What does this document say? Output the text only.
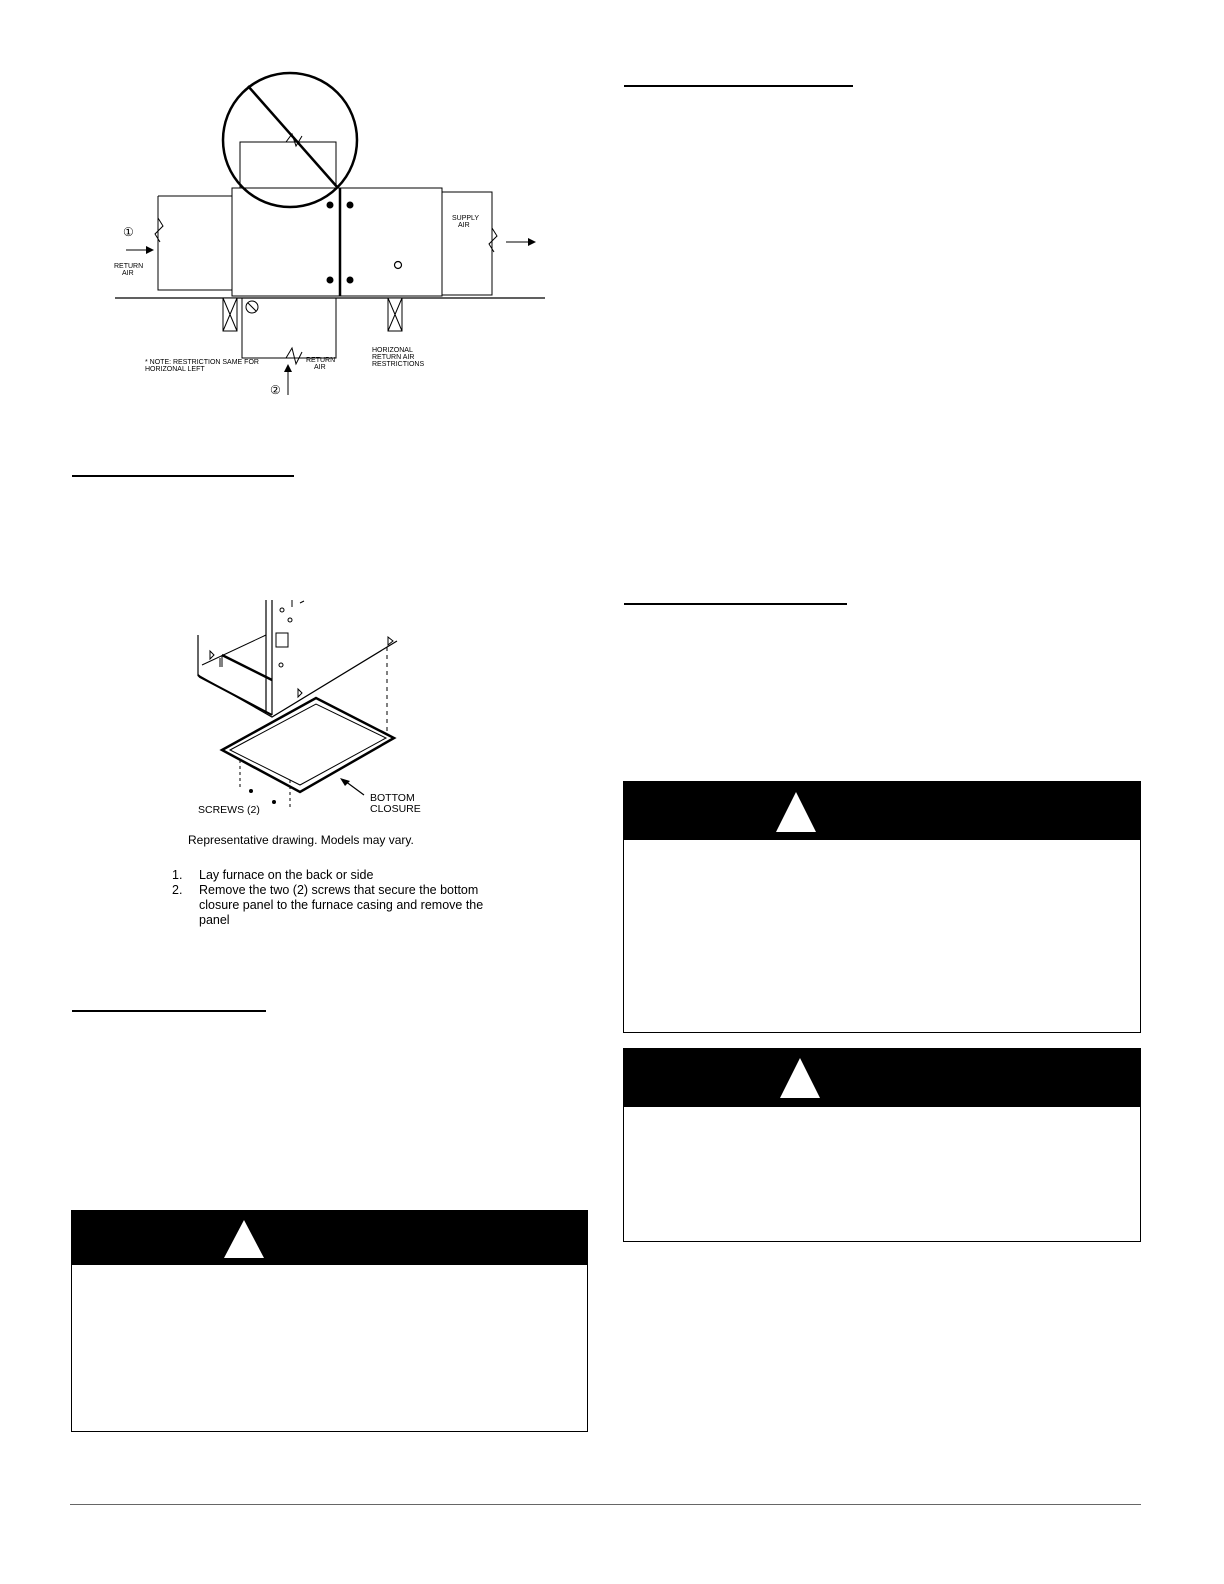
①
②
RETURN
AIR
SUPPLY
AIR
RETURN
AIR
* NOTE: RESTRICTION SAME FOR
HORIZONAL LEFT
HORIZONAL
RETURN AIR
RESTRICTIONS
SCREWS (2)
BOTTOM
CLOSURE
Representative drawing. Models may vary.
1.	Lay furnace on the back or side
2.	Remove the two (2) screws that secure the bottom closure panel to the furnace casing and remove the panel
